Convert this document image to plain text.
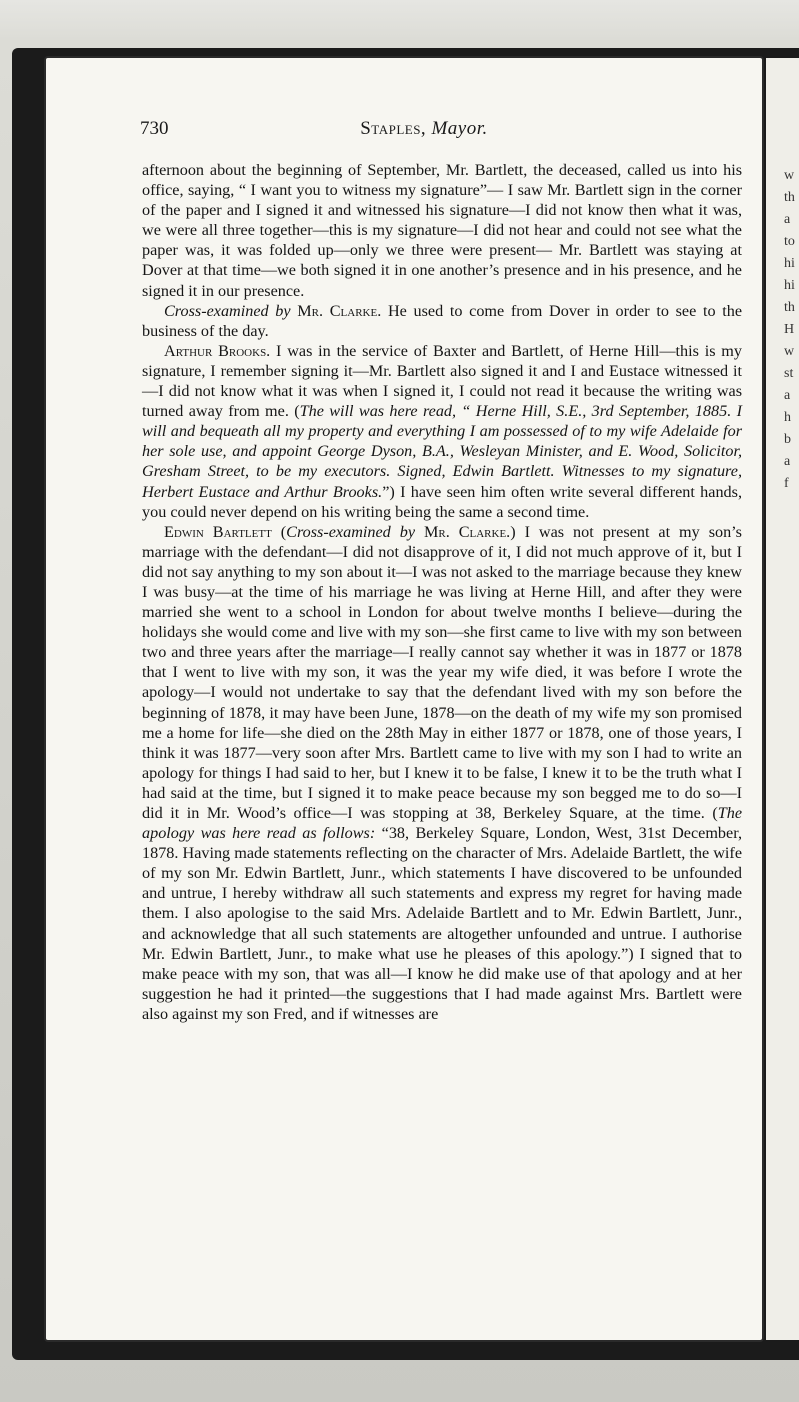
w
th
a
to
hi
hi
th
H
w
st
a
h
b
a
f
730	Staples, Mayor.

afternoon about the beginning of September, Mr. Bartlett, the deceased, called us into his office, saying, “ I want you to witness my signature”— I saw Mr. Bartlett sign in the corner of the paper and I signed it and witnessed his signature—I did not know then what it was, we were all three together—this is my signature—I did not hear and could not see what the paper was, it was folded up—only we three were present— Mr. Bartlett was staying at Dover at that time—we both signed it in one another’s presence and in his presence, and he signed it in our presence.

Cross-examined by Mr. Clarke. He used to come from Dover in order to see to the business of the day.

Arthur Brooks. I was in the service of Baxter and Bartlett, of Herne Hill—this is my signature, I remember signing it—Mr. Bartlett also signed it and I and Eustace witnessed it—I did not know what it was when I signed it, I could not read it because the writing was turned away from me. (The will was here read, “ Herne Hill, S.E., 3rd September, 1885. I will and bequeath all my property and everything I am possessed of to my wife Adelaide for her sole use, and appoint George Dyson, B.A., Wesleyan Minister, and E. Wood, Solicitor, Gresham Street, to be my executors. Signed, Edwin Bartlett. Witnesses to my signature, Herbert Eustace and Arthur Brooks.”) I have seen him often write several different hands, you could never depend on his writing being the same a second time.

Edwin Bartlett (Cross-examined by Mr. Clarke.) I was not present at my son’s marriage with the defendant—I did not disapprove of it, I did not much approve of it, but I did not say anything to my son about it—I was not asked to the marriage because they knew I was busy—at the time of his marriage he was living at Herne Hill, and after they were married she went to a school in London for about twelve months I believe—during the holidays she would come and live with my son—she first came to live with my son between two and three years after the marriage—I really cannot say whether it was in 1877 or 1878 that I went to live with my son, it was the year my wife died, it was before I wrote the apology—I would not undertake to say that the defendant lived with my son before the beginning of 1878, it may have been June, 1878—on the death of my wife my son promised me a home for life—she died on the 28th May in either 1877 or 1878, one of those years, I think it was 1877—very soon after Mrs. Bartlett came to live with my son I had to write an apology for things I had said to her, but I knew it to be false, I knew it to be the truth what I had said at the time, but I signed it to make peace because my son begged me to do so—I did it in Mr. Wood’s office—I was stopping at 38, Berkeley Square, at the time. (The apology was here read as follows: “38, Berkeley Square, London, West, 31st December, 1878. Having made statements reflecting on the character of Mrs. Adelaide Bartlett, the wife of my son Mr. Edwin Bartlett, Junr., which statements I have discovered to be unfounded and untrue, I hereby withdraw all such statements and express my regret for having made them. I also apologise to the said Mrs. Adelaide Bartlett and to Mr. Edwin Bartlett, Junr., and acknowledge that all such statements are altogether unfounded and untrue. I authorise Mr. Edwin Bartlett, Junr., to make what use he pleases of this apology.”) I signed that to make peace with my son, that was all—I know he did make use of that apology and at her suggestion he had it printed—the suggestions that I had made against Mrs. Bartlett were also against my son Fred, and if witnesses are
